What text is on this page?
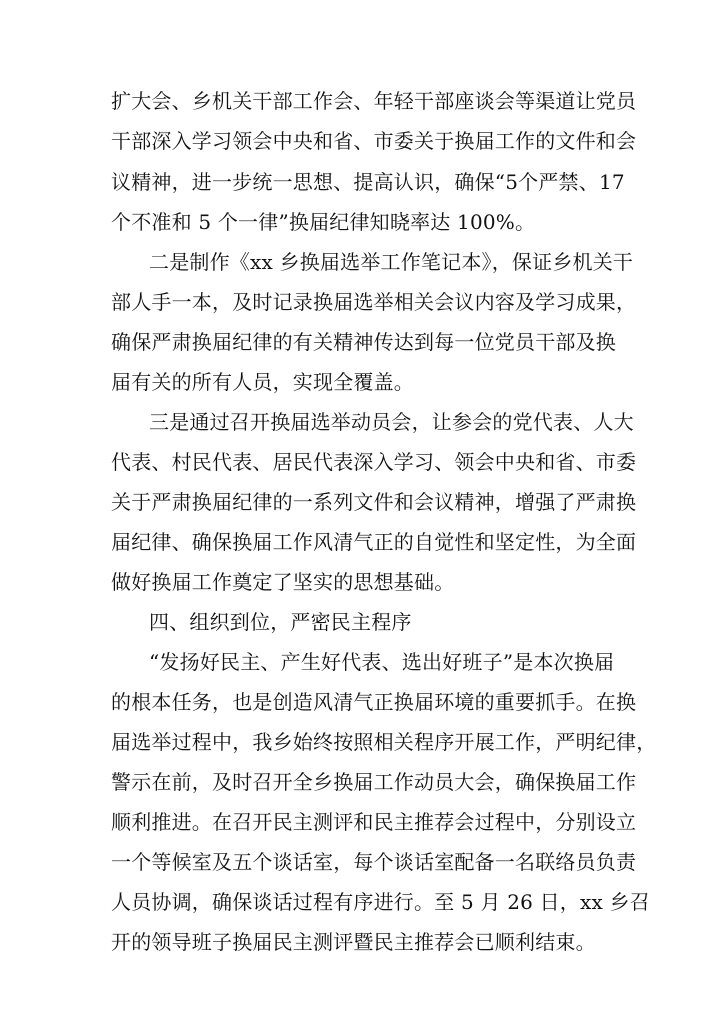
扩大会、乡机关干部工作会、年轻干部座谈会等渠道让党员
干部深入学习领会中央和省、市委关于换届工作的文件和会
议精神，进一步统一思想、提高认识，确保“5个严禁、17
个不准和 5 个一律”换届纪律知晓率达 100%。
二是制作《xx 乡换届选举工作笔记本》，保证乡机关干
部人手一本，及时记录换届选举相关会议内容及学习成果，
确保严肃换届纪律的有关精神传达到每一位党员干部及换
届有关的所有人员，实现全覆盖。
三是通过召开换届选举动员会，让参会的党代表、人大
代表、村民代表、居民代表深入学习、领会中央和省、市委
关于严肃换届纪律的一系列文件和会议精神，增强了严肃换
届纪律、确保换届工作风清气正的自觉性和坚定性，为全面
做好换届工作奠定了坚实的思想基础。
四、组织到位，严密民主程序
“发扬好民主、产生好代表、选出好班子”是本次换届
的根本任务，也是创造风清气正换届环境的重要抓手。在换
届选举过程中，我乡始终按照相关程序开展工作，严明纪律，
警示在前，及时召开全乡换届工作动员大会，确保换届工作
顺利推进。在召开民主测评和民主推荐会过程中，分别设立
一个等候室及五个谈话室，每个谈话室配备一名联络员负责
人员协调，确保谈话过程有序进行。至 5 月 26 日，xx 乡召
开的领导班子换届民主测评暨民主推荐会已顺利结束。
